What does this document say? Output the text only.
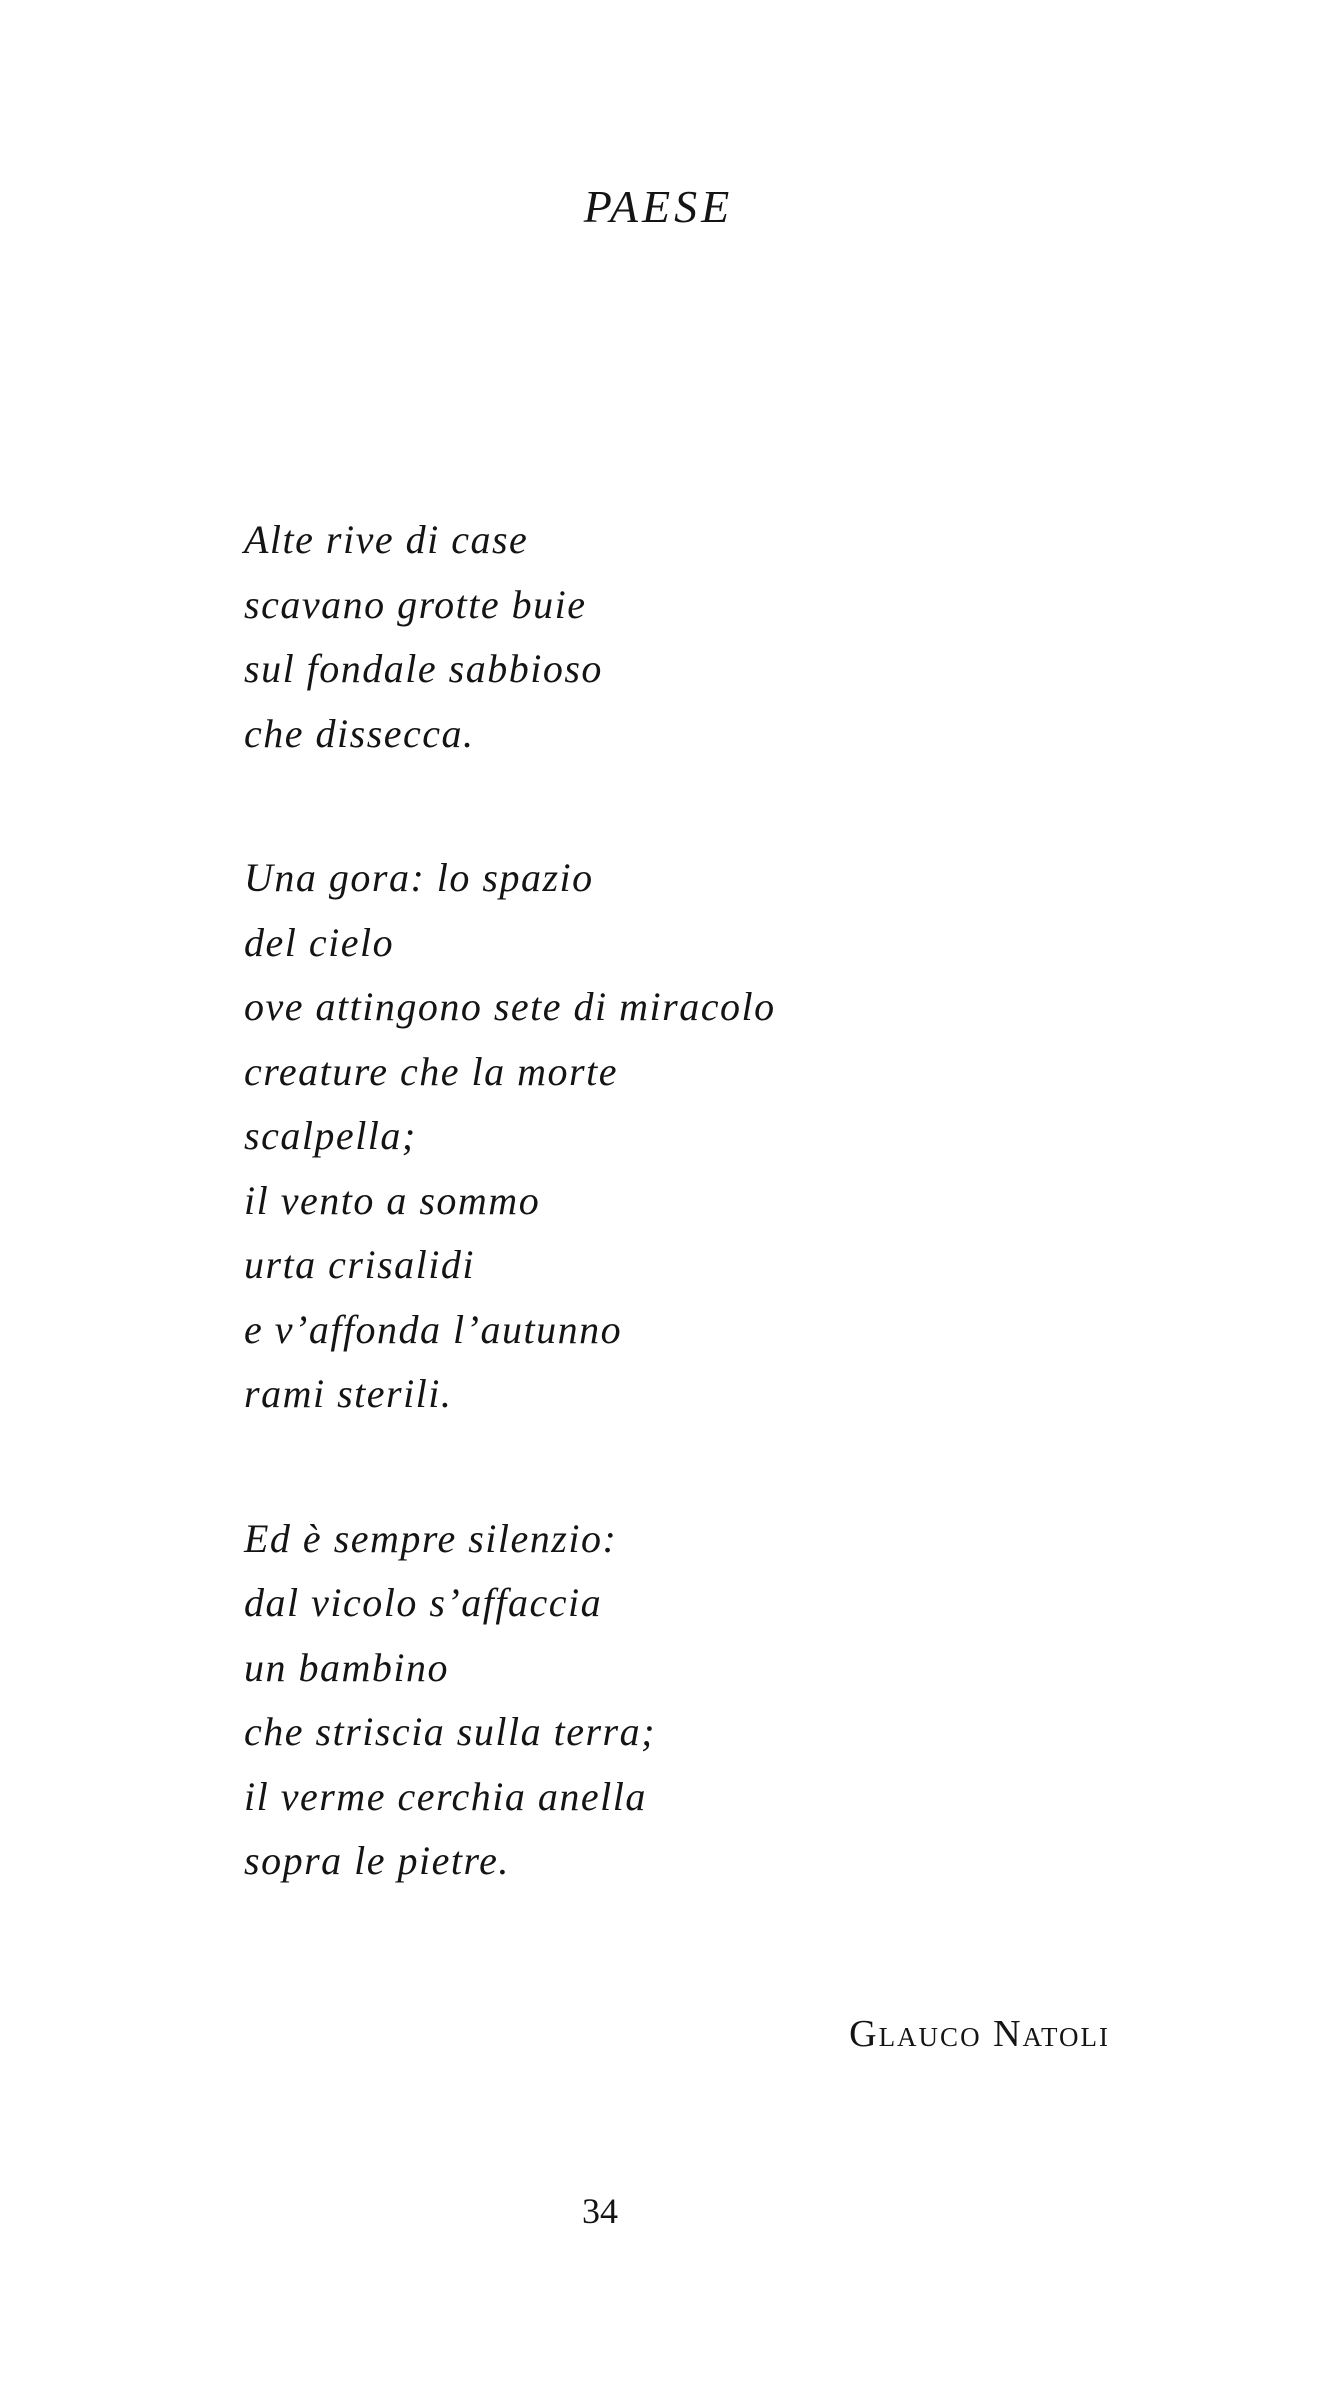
PAESE
Alte rive di case
scavano grotte buie
sul fondale sabbioso
che dissecca.
Una gora: lo spazio
del cielo
ove attingono sete di miracolo
creature che la morte
scalpella;
il vento a sommo
urta crisalidi
e v’affonda l’autunno
rami sterili.
Ed è sempre silenzio:
dal vicolo s’affaccia
un bambino
che striscia sulla terra;
il verme cerchia anella
sopra le pietre.

Glauco Natoli

34
